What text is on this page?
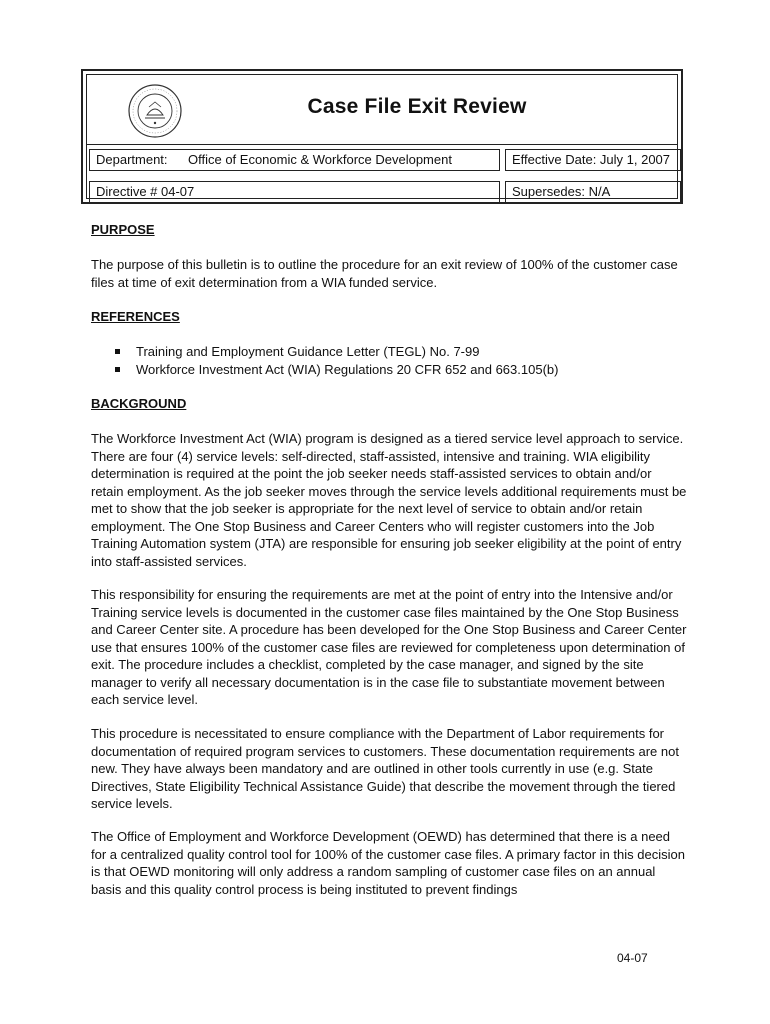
Case File Exit Review
Department: Office of Economic & Workforce Development	Effective Date: July 1, 2007
Directive # 04-07	Supersedes: N/A
PURPOSE

The purpose of this bulletin is to outline the procedure for an exit review of 100% of the customer case files at time of exit determination from a WIA funded service.

REFERENCES
Training and Employment Guidance Letter (TEGL) No. 7-99
Workforce Investment Act (WIA) Regulations 20 CFR 652 and 663.105(b)
BACKGROUND

The Workforce Investment Act (WIA) program is designed as a tiered service level approach to service. There are four (4) service levels: self-directed, staff-assisted, intensive and training. WIA eligibility determination is required at the point the job seeker needs staff-assisted services to obtain and/or retain employment. As the job seeker moves through the service levels additional requirements must be met to show that the job seeker is appropriate for the next level of service to obtain and/or retain employment. The One Stop Business and Career Centers who will register customers into the Job Training Automation system (JTA) are responsible for ensuring job seeker eligibility at the point of entry into staff-assisted services.

This responsibility for ensuring the requirements are met at the point of entry into the Intensive and/or Training service levels is documented in the customer case files maintained by the One Stop Business and Career Center site. A procedure has been developed for the One Stop Business and Career Center use that ensures 100% of the customer case files are reviewed for completeness upon determination of exit. The procedure includes a checklist, completed by the case manager, and signed by the site manager to verify all necessary documentation is in the case file to substantiate movement between each service level.

This procedure is necessitated to ensure compliance with the Department of Labor requirements for documentation of required program services to customers. These documentation requirements are not new. They have always been mandatory and are outlined in other tools currently in use (e.g. State Directives, State Eligibility Technical Assistance Guide) that describe the movement through the tiered service levels.

The Office of Employment and Workforce Development (OEWD) has determined that there is a need for a centralized quality control tool for 100% of the customer case files. A primary factor in this decision is that OEWD monitoring will only address a random sampling of customer case files on an annual basis and this quality control process is being instituted to prevent findings

04-07
